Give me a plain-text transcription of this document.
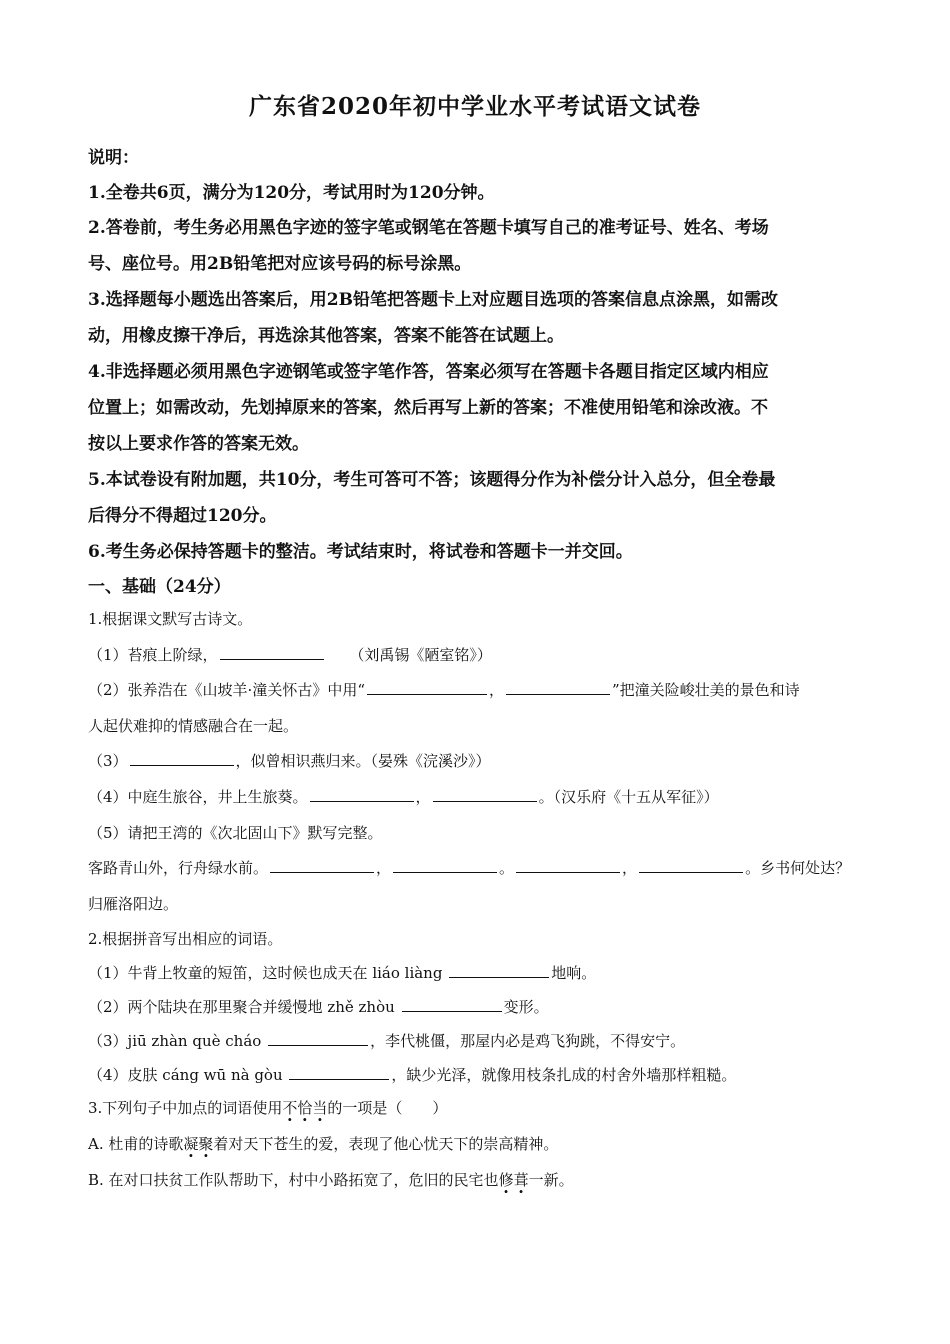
广东省2020年初中学业水平考试语文试卷
说明：
1.全卷共6页，满分为120分，考试用时为120分钟。
2.答卷前，考生务必用黑色字迹的签字笔或钢笔在答题卡填写自己的准考证号、姓名、考场
号、座位号。用2B铅笔把对应该号码的标号涂黑。
3.选择题每小题选出答案后，用2B铅笔把答题卡上对应题目选项的答案信息点涂黑，如需改
动，用橡皮擦干净后，再选涂其他答案，答案不能答在试题上。
4.非选择题必须用黑色字迹钢笔或签字笔作答，答案必须写在答题卡各题目指定区域内相应
位置上；如需改动，先划掉原来的答案，然后再写上新的答案；不准使用铅笔和涂改液。不
按以上要求作答的答案无效。
5.本试卷设有附加题，共10分，考生可答可不答；该题得分作为补偿分计入总分，但全卷最
后得分不得超过120分。
6.考生务必保持答题卡的整洁。考试结束时，将试卷和答题卡一并交回。
一、基础（24分）
1.根据课文默写古诗文。
（1）苔痕上阶绿，	（刘禹锡《陋室铭》）
（2）张养浩在《山坡羊·潼关怀古》中用“	，	”把潼关险峻壮美的景色和诗
人起伏难抑的情感融合在一起。
（3）	，似曾相识燕归来。（晏殊《浣溪沙》）
（4）中庭生旅谷，井上生旅葵。	，	。（汉乐府《十五从军征》）
（5）请把王湾的《次北固山下》默写完整。
客路青山外，行舟绿水前。	，	。	，	。乡书何处达？
归雁洛阳边。
2.根据拼音写出相应的词语。
（1）牛背上牧童的短笛，这时候也成天在 liáo liàng	地响。
（2）两个陆块在那里聚合并缓慢地 zhě zhòu	变形。
（3）jiū zhàn què cháo	，李代桃僵，那屋内必是鸡飞狗跳，不得安宁。
（4）皮肤 cáng wū nà gòu	，缺少光泽，就像用枝条扎成的村舍外墙那样粗糙。
3.下列句子中加点的词语使用不恰当的一项是（　　）
A. 杜甫的诗歌凝聚着对天下苍生的爱，表现了他心忧天下的崇高精神。
B. 在对口扶贫工作队帮助下，村中小路拓宽了，危旧的民宅也修葺一新。
